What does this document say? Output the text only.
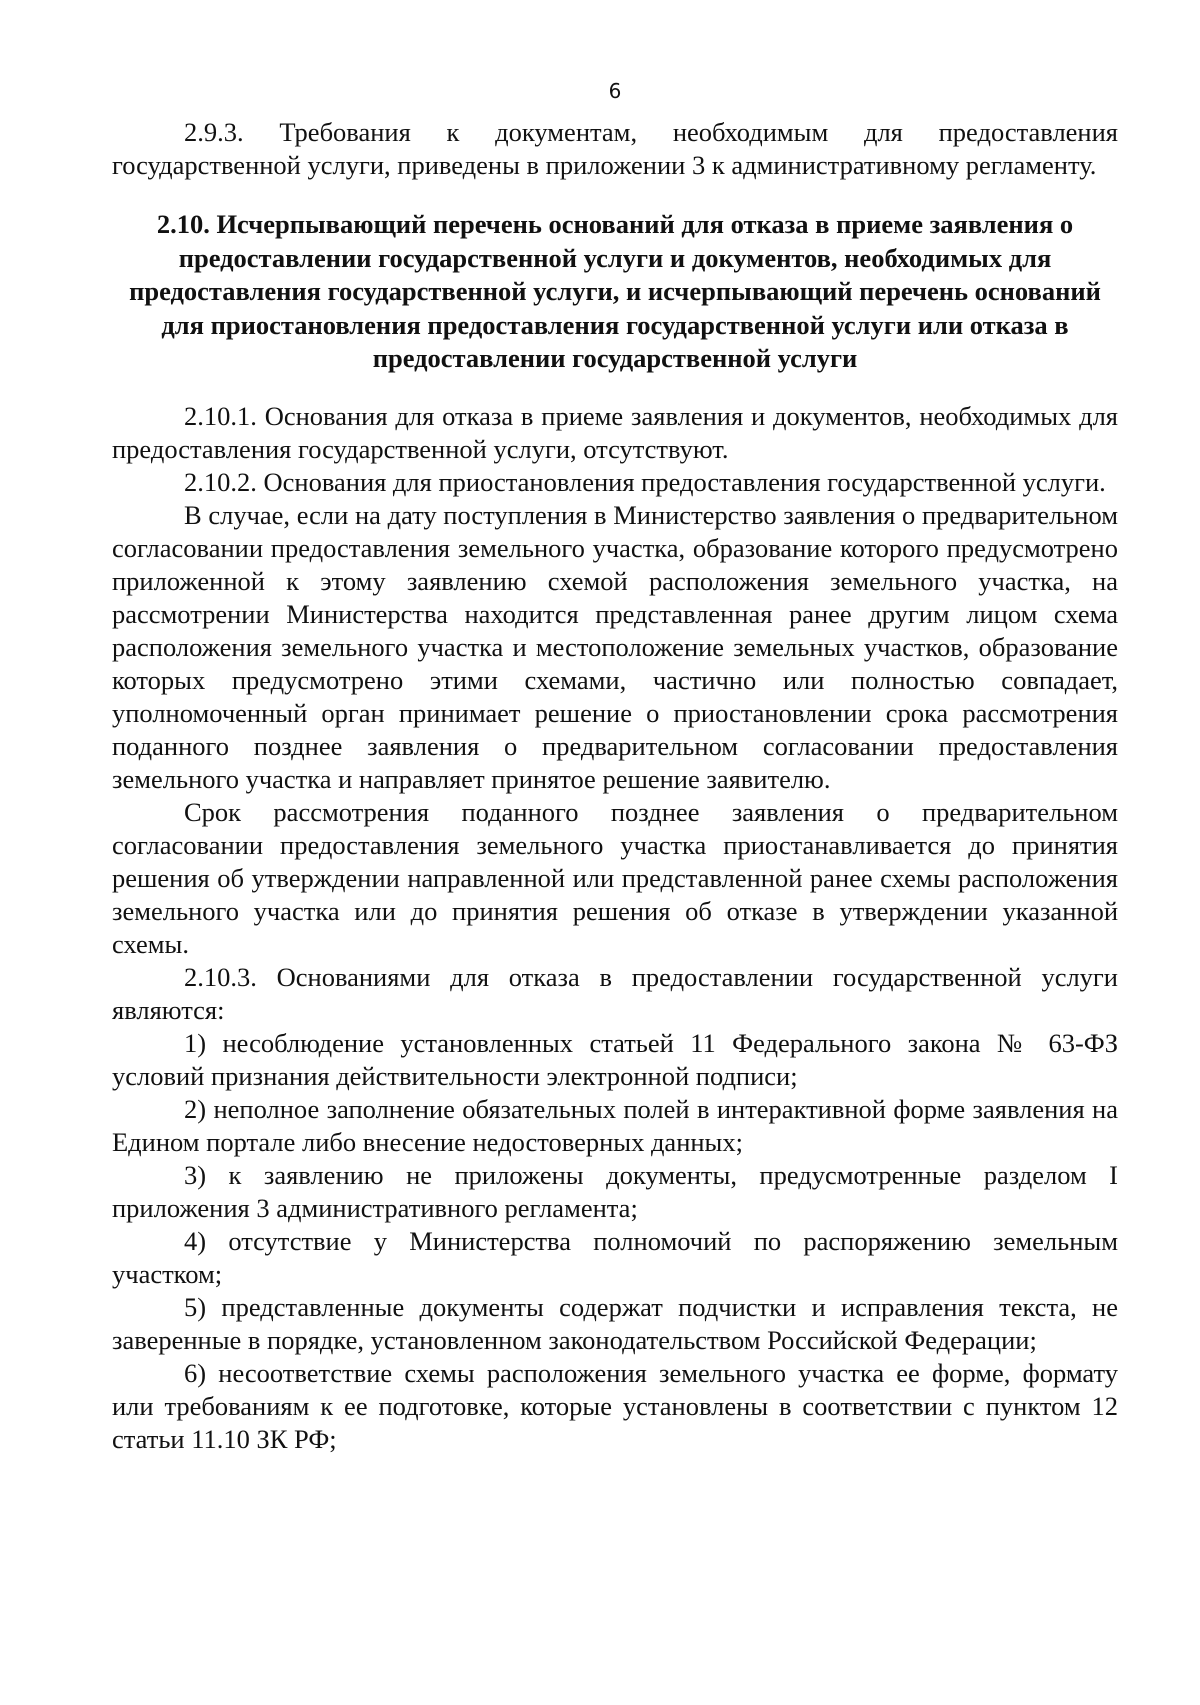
6

2.9.3. Требования к документам, необходимым для предоставления государственной услуги, приведены в приложении 3 к административному регламенту.

2.10. Исчерпывающий перечень оснований для отказа в приеме заявления о предоставлении государственной услуги и документов, необходимых для предоставления государственной услуги, и исчерпывающий перечень оснований для приостановления предоставления государственной услуги или отказа в предоставлении государственной услуги

2.10.1. Основания для отказа в приеме заявления и документов, необходимых для предоставления государственной услуги, отсутствуют.

2.10.2. Основания для приостановления предоставления государственной услуги.

В случае, если на дату поступления в Министерство заявления о предварительном согласовании предоставления земельного участка, образование которого предусмотрено приложенной к этому заявлению схемой расположения земельного участка, на рассмотрении Министерства находится представленная ранее другим лицом схема расположения земельного участка и местоположение земельных участков, образование которых предусмотрено этими схемами, частично или полностью совпадает, уполномоченный орган принимает решение о приостановлении срока рассмотрения поданного позднее заявления о предварительном согласовании предоставления земельного участка и направляет принятое решение заявителю.

Срок рассмотрения поданного позднее заявления о предварительном согласовании предоставления земельного участка приостанавливается до принятия решения об утверждении направленной или представленной ранее схемы расположения земельного участка или до принятия решения об отказе в утверждении указанной схемы.

2.10.3. Основаниями для отказа в предоставлении государственной услуги являются:

1) несоблюдение установленных статьей 11 Федерального закона № 63-ФЗ условий признания действительности электронной подписи;

2) неполное заполнение обязательных полей в интерактивной форме заявления на Едином портале либо внесение недостоверных данных;

3) к заявлению не приложены документы, предусмотренные разделом I приложения 3 административного регламента;

4) отсутствие у Министерства полномочий по распоряжению земельным участком;

5) представленные документы содержат подчистки и исправления текста, не заверенные в порядке, установленном законодательством Российской Федерации;

6) несоответствие схемы расположения земельного участка ее форме, формату или требованиям к ее подготовке, которые установлены в соответствии с пунктом 12 статьи 11.10 ЗК РФ;
